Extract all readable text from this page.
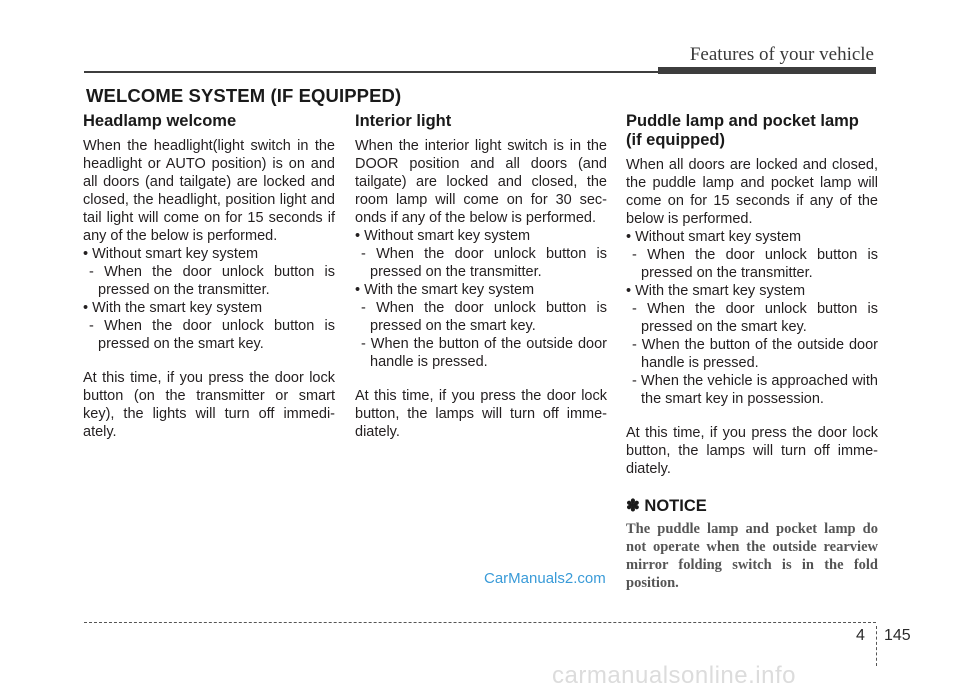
Features of your vehicle
WELCOME SYSTEM (IF EQUIPPED)
Headlamp welcome

When the headlight(light switch in the headlight or AUTO position) is on and all doors (and tailgate) are locked and closed, the headlight, position light and tail light will come on for 15 seconds if any of the below is performed.

• Without smart key system
- When the door unlock button is pressed on the transmitter.
• With the smart key system
- When the door unlock button is pressed on the smart key.

At this time, if you press the door lock button (on the transmitter or smart key), the lights will turn off immedi-ately.

Interior light

When the interior light switch is in the DOOR position and all doors (and tailgate) are locked and closed, the room lamp will come on for 30 sec-onds if any of the below is performed.

• Without smart key system
- When the door unlock button is pressed on the transmitter.
• With the smart key system
- When the door unlock button is pressed on the smart key.
- When the button of the outside door handle is pressed.

At this time, if you press the door lock button, the lamps will turn off imme-diately.

Puddle lamp and pocket lamp (if equipped)

When all doors are locked and closed, the puddle lamp and pocket lamp will come on for 15 seconds if any of the below is performed.

• Without smart key system
- When the door unlock button is pressed on the transmitter.
• With the smart key system
- When the door unlock button is pressed on the smart key.
- When the button of the outside door handle is pressed.
- When the vehicle is approached with the smart key in possession.

At this time, if you press the door lock button, the lamps will turn off imme-diately.

✽ NOTICE

The puddle lamp and pocket lamp do not operate when the outside rearview mirror folding switch is in the fold position.

CarManuals2.com
4 145
carmanualsonline.info
